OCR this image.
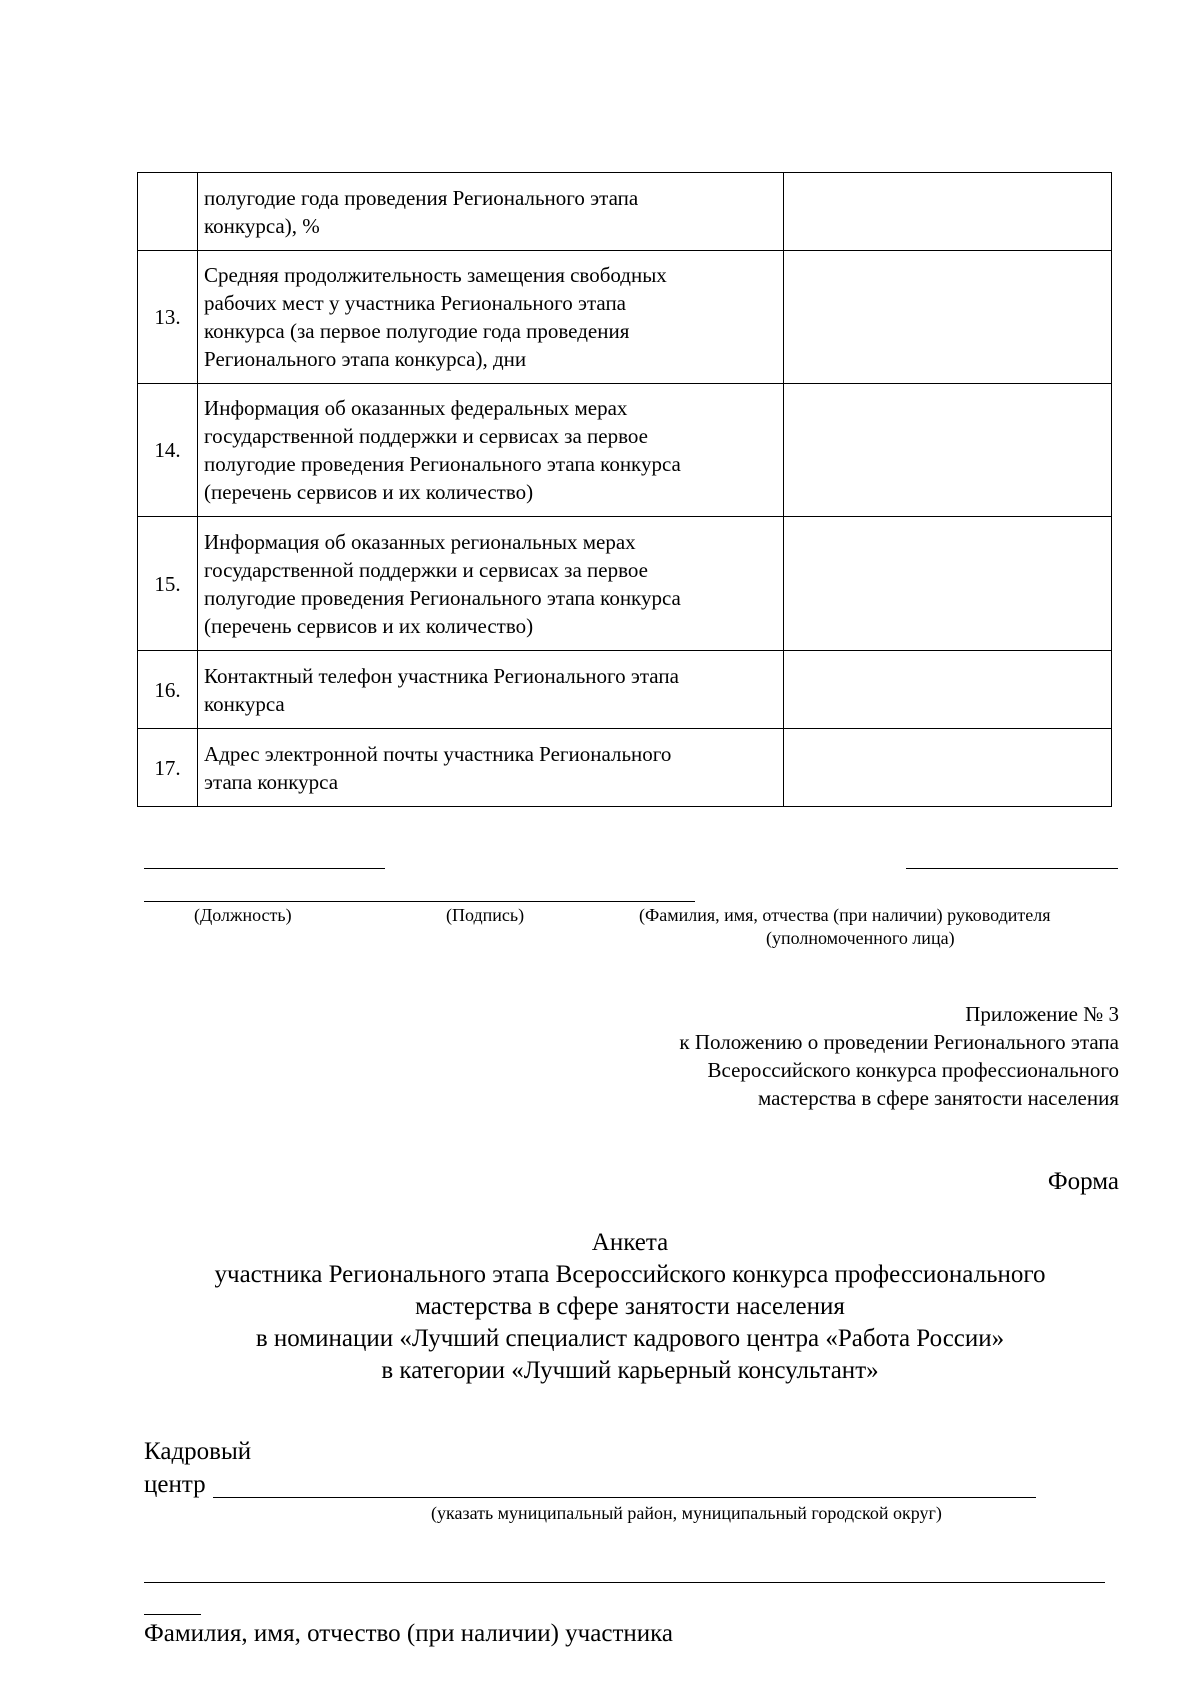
	полугодие года проведения Регионального этапа
конкурса), %	

13.	Средняя продолжительность замещения свободных
рабочих мест у участника Регионального этапа
конкурса (за первое полугодие года проведения
Регионального этапа конкурса), дни	

14.	Информация об оказанных федеральных мерах
государственной поддержки и сервисах за первое
полугодие проведения Регионального этапа конкурса
(перечень сервисов и их количество)	

15.	Информация об оказанных региональных мерах
государственной поддержки и сервисах за первое
полугодие проведения Регионального этапа конкурса
(перечень сервисов и их количество)	

16.	Контактный телефон участника Регионального этапа
конкурса	

17.	Адрес электронной почты участника Регионального
этапа конкурса	

(Должность)	(Подпись)	(Фамилия, имя, отчества (при наличии) руководителя
(уполномоченного лица)
Приложение № 3
к Положению о проведении Регионального этапа
Всероссийского конкурса профессионального
мастерства в сфере занятости населения
Форма
Анкета
участника Регионального этапа Всероссийского конкурса профессионального
мастерства в сфере занятости населения
в номинации «Лучший специалист кадрового центра «Работа России»
в категории «Лучший карьерный консультант»
Кадровый
центр
(указать муниципальный район, муниципальный городской округ)
Фамилия, имя, отчество (при наличии) участника
